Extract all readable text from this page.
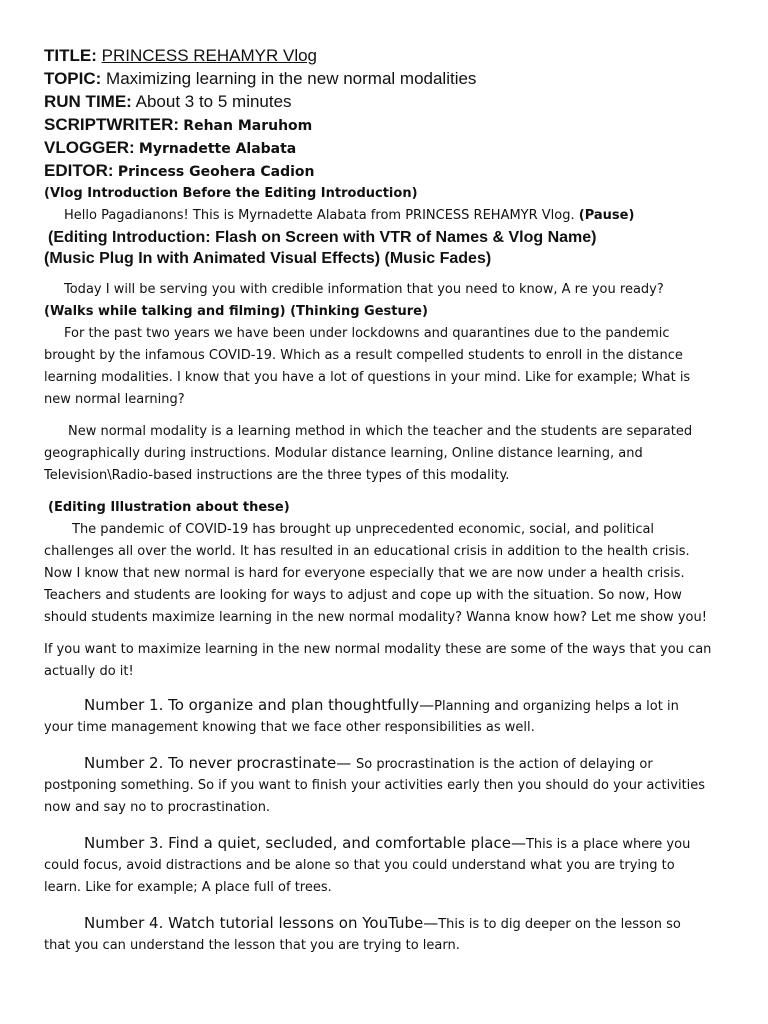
TITLE: PRINCESS REHAMYR Vlog
TOPIC: Maximizing learning in the new normal modalities
RUN TIME: About 3 to 5 minutes
SCRIPTWRITER: Rehan Maruhom
VLOGGER: Myrnadette Alabata
EDITOR: Princess Geohera Cadion
(Vlog Introduction Before the Editing Introduction)
Hello Pagadianons! This is Myrnadette Alabata from PRINCESS REHAMYR Vlog. (Pause)
(Editing Introduction: Flash on Screen with VTR of Names & Vlog Name)
(Music Plug In with Animated Visual Effects) (Music Fades)
Today I will be serving you with credible information that you need to know, A re you ready?
(Walks while talking and filming) (Thinking Gesture)
For the past two years we have been under lockdowns and quarantines due to the pandemic
brought by the infamous COVID-19. Which as a result compelled students to enroll in the distance
learning modalities. I know that you have a lot of questions in your mind. Like for example; What is
new normal learning?
New normal modality is a learning method in which the teacher and the students are separated
geographically during instructions. Modular distance learning, Online distance learning, and
Television\Radio-based instructions are the three types of this modality.
(Editing Illustration about these)
The pandemic of COVID-19 has brought up unprecedented economic, social, and political
challenges all over the world. It has resulted in an educational crisis in addition to the health crisis.
Now I know that new normal is hard for everyone especially that we are now under a health crisis.
Teachers and students are looking for ways to adjust and cope up with the situation. So now, How
should students maximize learning in the new normal modality? Wanna know how? Let me show you!
If you want to maximize learning in the new normal modality these are some of the ways that you can
actually do it!
Number 1. To organize and plan thoughtfully—Planning and organizing helps a lot in
your time management knowing that we face other responsibilities as well.
Number 2. To never procrastinate— So procrastination is the action of delaying or
postponing something. So if you want to finish your activities early then you should do your activities
now and say no to procrastination.
Number 3. Find a quiet, secluded, and comfortable place—This is a place where you
could focus, avoid distractions and be alone so that you could understand what you are trying to
learn. Like for example; A place full of trees.
Number 4. Watch tutorial lessons on YouTube—This is to dig deeper on the lesson so
that you can understand the lesson that you are trying to learn.
